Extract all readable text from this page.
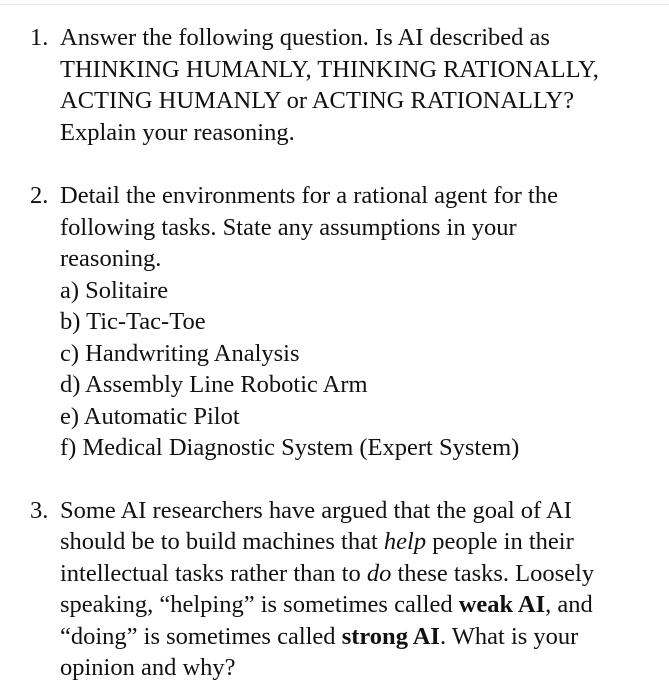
1. Answer the following question. Is AI described as
THINKING HUMANLY, THINKING RATIONALLY,
ACTING HUMANLY or ACTING RATIONALLY?
Explain your reasoning.
2. Detail the environments for a rational agent for the
following tasks. State any assumptions in your
reasoning.
a) Solitaire
b) Tic-Tac-Toe
c) Handwriting Analysis
d) Assembly Line Robotic Arm
e) Automatic Pilot
f) Medical Diagnostic System (Expert System)
3. Some AI researchers have argued that the goal of AI
should be to build machines that help people in their
intellectual tasks rather than to do these tasks. Loosely
speaking, “helping” is sometimes called weak AI, and
“doing” is sometimes called strong AI. What is your
opinion and why?
